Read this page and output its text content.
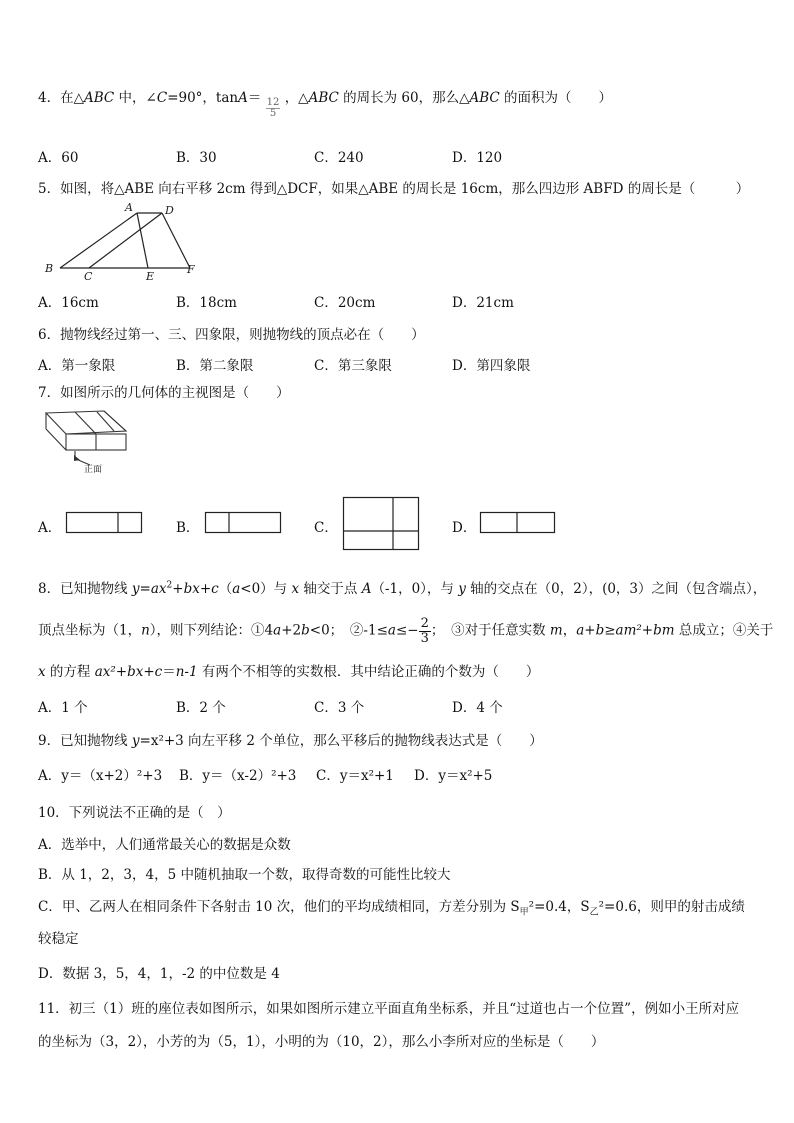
4．在△ABC 中，∠C=90°，$\tan A= \frac{12}{5}$ ，△ABC 的周长为 60，那么△ABC 的面积为（　　）
A．60	B．30	C．240	D．120
5．如图，将△ABE 向右平移 2cm 得到△DCF，如果△ABE 的周长是 16cm，那么四边形 ABFD 的周长是（　　　）
A	D
B
C	E
F
A．16cm	B．18cm	C．20cm	D．21cm
6．抛物线经过第一、三、四象限，则抛物线的顶点必在（　　）
A．第一象限	B．第二象限	C．第三象限	D．第四象限
7．如图所示的几何体的主视图是（　　）
正面
A．	B．	C．	D．
8．已知抛物线 $y=ax^2+bx+c(a<0)$与 x 轴交于点 A（-1，0），与 y 轴的交点在（0，2），(0，3）之间（包含端点），
顶点坐标为（1，n），则下列结论：①4a+2b<0；　②-1≤a≤− $\frac{2}{3}$；　③对于任意实数 m，a+b≥am²+bm 总成立；④关于
x 的方程 ax²+bx+c＝n-1 有两个不相等的实数根．其中结论正确的个数为（　　）
A．1 个	B．2 个	C．3 个	D．4 个
9．已知抛物线 y=x²+3 向左平移 2 个单位，那么平移后的抛物线表达式是（　　）
A．y＝（x+2）²+3 B．y＝（x-2）²+3 C．y＝x²+1 D．y＝x²+5
10．下列说法不正确的是（　）
A．选举中，人们通常最关心的数据是众数
B．从 1，2，3，4，5 中随机抽取一个数，取得奇数的可能性比较大
C．甲、乙两人在相同条件下各射击 10 次，他们的平均成绩相同，方差分别为 $S_甲^2=0.4$，$S_乙^2=0.6$，则甲的射击成绩
较稳定
D．数据 3，5，4，1，-2 的中位数是 4
11．初三（1）班的座位表如图所示，如果如图所示建立平面直角坐标系，并且“过道也占一个位置”，例如小王所对应
的坐标为（3，2），小芳的为（5，1），小明的为（10，2），那么小李所对应的坐标是（　　）
